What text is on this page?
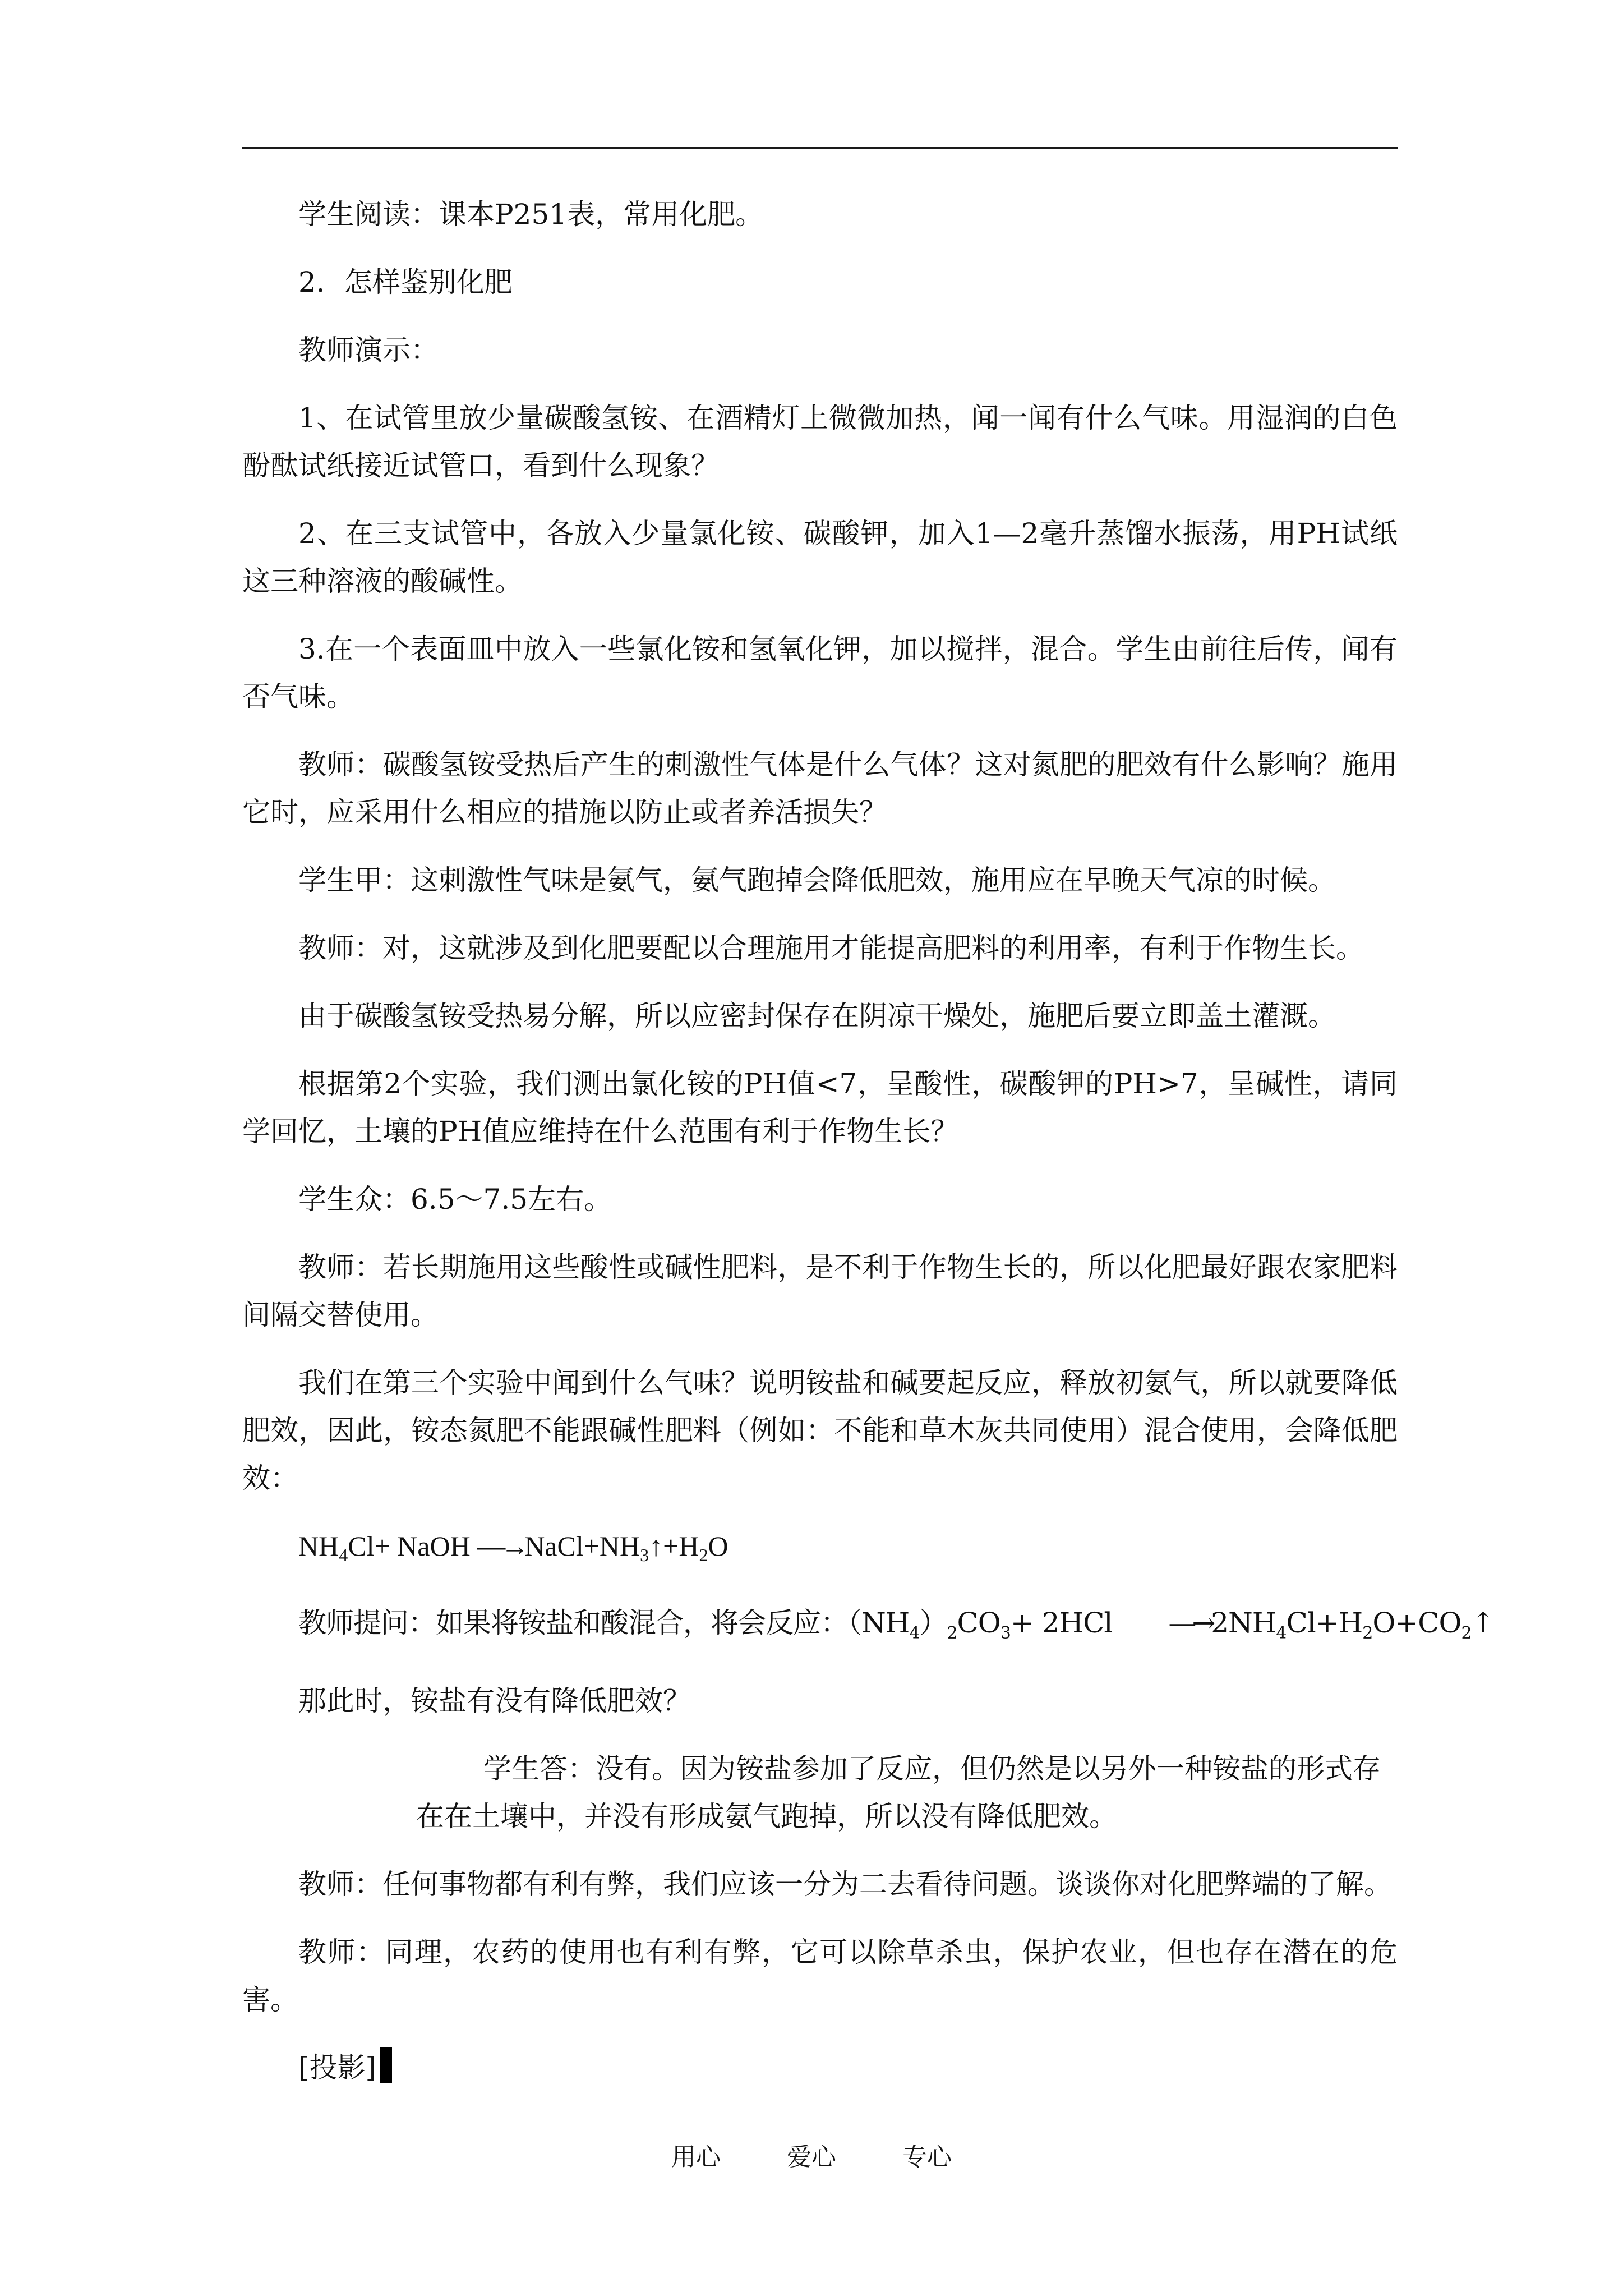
学生阅读：课本P251表，常用化肥。

2．怎样鉴别化肥

教师演示：

1、在试管里放少量碳酸氢铵、在酒精灯上微微加热，闻一闻有什么气味。用湿润的白色酚酞试纸接近试管口，看到什么现象？

2、在三支试管中，各放入少量氯化铵、碳酸钾，加入1—2毫升蒸馏水振荡，用PH试纸这三种溶液的酸碱性。

3.在一个表面皿中放入一些氯化铵和氢氧化钾，加以搅拌，混合。学生由前往后传，闻有否气味。

教师：碳酸氢铵受热后产生的刺激性气体是什么气体？这对氮肥的肥效有什么影响？施用它时，应采用什么相应的措施以防止或者养活损失？

学生甲：这刺激性气味是氨气，氨气跑掉会降低肥效，施用应在早晚天气凉的时候。

教师：对，这就涉及到化肥要配以合理施用才能提高肥料的利用率，有利于作物生长。

由于碳酸氢铵受热易分解，所以应密封保存在阴凉干燥处，施肥后要立即盖土灌溉。

根据第2个实验，我们测出氯化铵的PH值<7，呈酸性，碳酸钾的PH>7，呈碱性，请同学回忆，土壤的PH值应维持在什么范围有利于作物生长？

学生众：6.5～7.5左右。

教师：若长期施用这些酸性或碱性肥料，是不利于作物生长的，所以化肥最好跟农家肥料间隔交替使用。

我们在第三个实验中闻到什么气味？说明铵盐和碱要起反应，释放初氨气，所以就要降低肥效，因此，铵态氮肥不能跟碱性肥料（例如：不能和草木灰共同使用）混合使用，会降低肥效：

$NH_4Cl+$ NaOH $—\to NaCl+NH_3↑+H_2O$

教师提问：如果将铵盐和酸混合，将会反应：$(NH_4)_2CO_3+ 2HCl$ $—\to 2NH_4Cl+H_2O+CO_2↑$

那此时，铵盐有没有降低肥效？

学生答：没有。因为铵盐参加了反应，但仍然是以另外一种铵盐的形式存在在土壤中，并没有形成氨气跑掉，所以没有降低肥效。

教师：任何事物都有利有弊，我们应该一分为二去看待问题。谈谈你对化肥弊端的了解。

教师：同理，农药的使用也有利有弊，它可以除草杀虫，保护农业，但也存在潜在的危害。

[投影]

用心	爱心	专心
